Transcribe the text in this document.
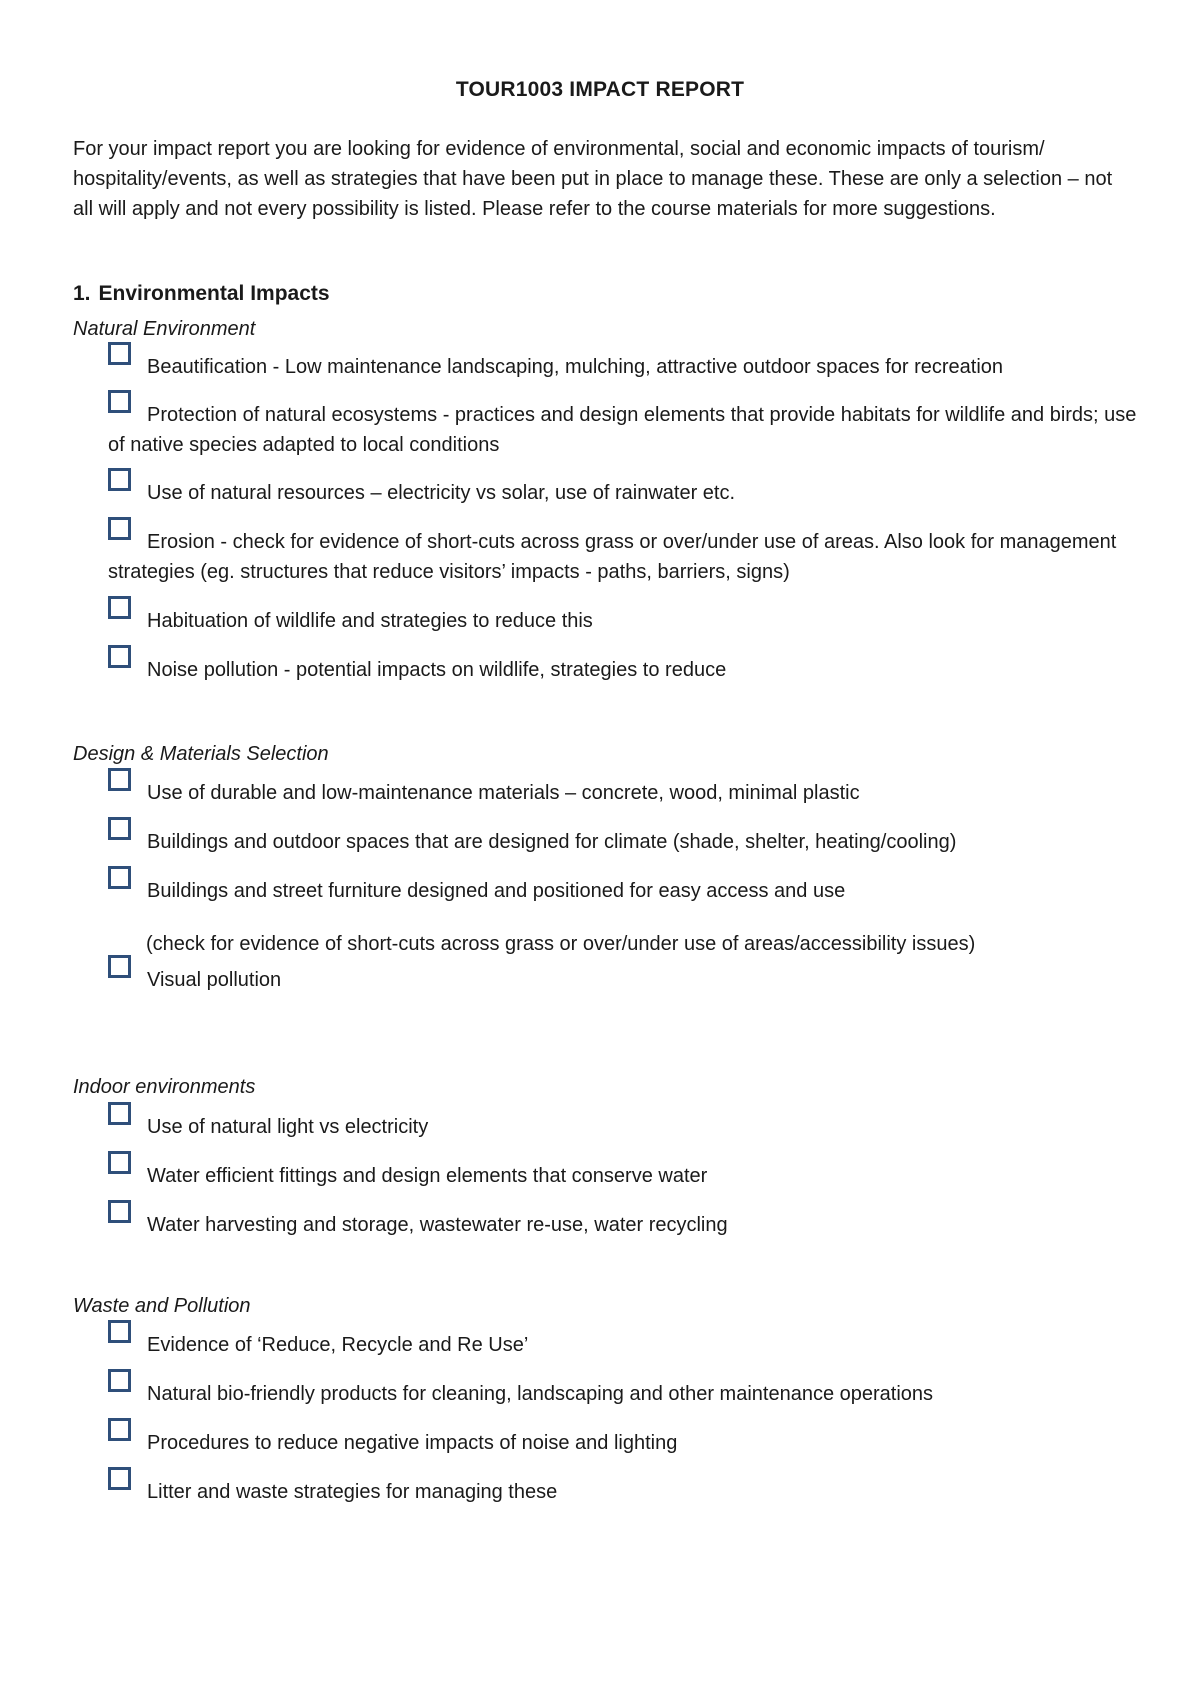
TOUR1003 IMPACT REPORT
For your impact report you are looking for evidence of environmental, social and economic impacts of tourism/ hospitality/events, as well as strategies that have been put in place to manage these. These are only a selection – not all will apply and not every possibility is listed. Please refer to the course materials for more suggestions.
1. Environmental Impacts
Natural Environment
Beautification - Low maintenance landscaping, mulching, attractive outdoor spaces for recreation
Protection of natural ecosystems - practices and design elements that provide habitats for wildlife and birds; use of native species adapted to local conditions
Use of natural resources – electricity vs solar, use of rainwater etc.
Erosion - check for evidence of short-cuts across grass or over/under use of areas. Also look for management strategies (eg. structures that reduce visitors’ impacts - paths, barriers, signs)
Habituation of wildlife and strategies to reduce this
Noise pollution - potential impacts on wildlife, strategies to reduce
Design & Materials Selection
Use of durable and low-maintenance materials – concrete, wood, minimal plastic
Buildings and outdoor spaces that are designed for climate (shade, shelter, heating/cooling)
Buildings and street furniture designed and positioned for easy access and use
(check for evidence of short-cuts across grass or over/under use of areas/accessibility issues)
Visual pollution
Indoor environments
Use of natural light vs electricity
Water efficient fittings and design elements that conserve water
Water harvesting and storage, wastewater re-use, water recycling
Waste and Pollution
Evidence of ‘Reduce, Recycle and Re Use’
Natural bio-friendly products for cleaning, landscaping and other maintenance operations
Procedures to reduce negative impacts of noise and lighting
Litter and waste strategies for managing these
